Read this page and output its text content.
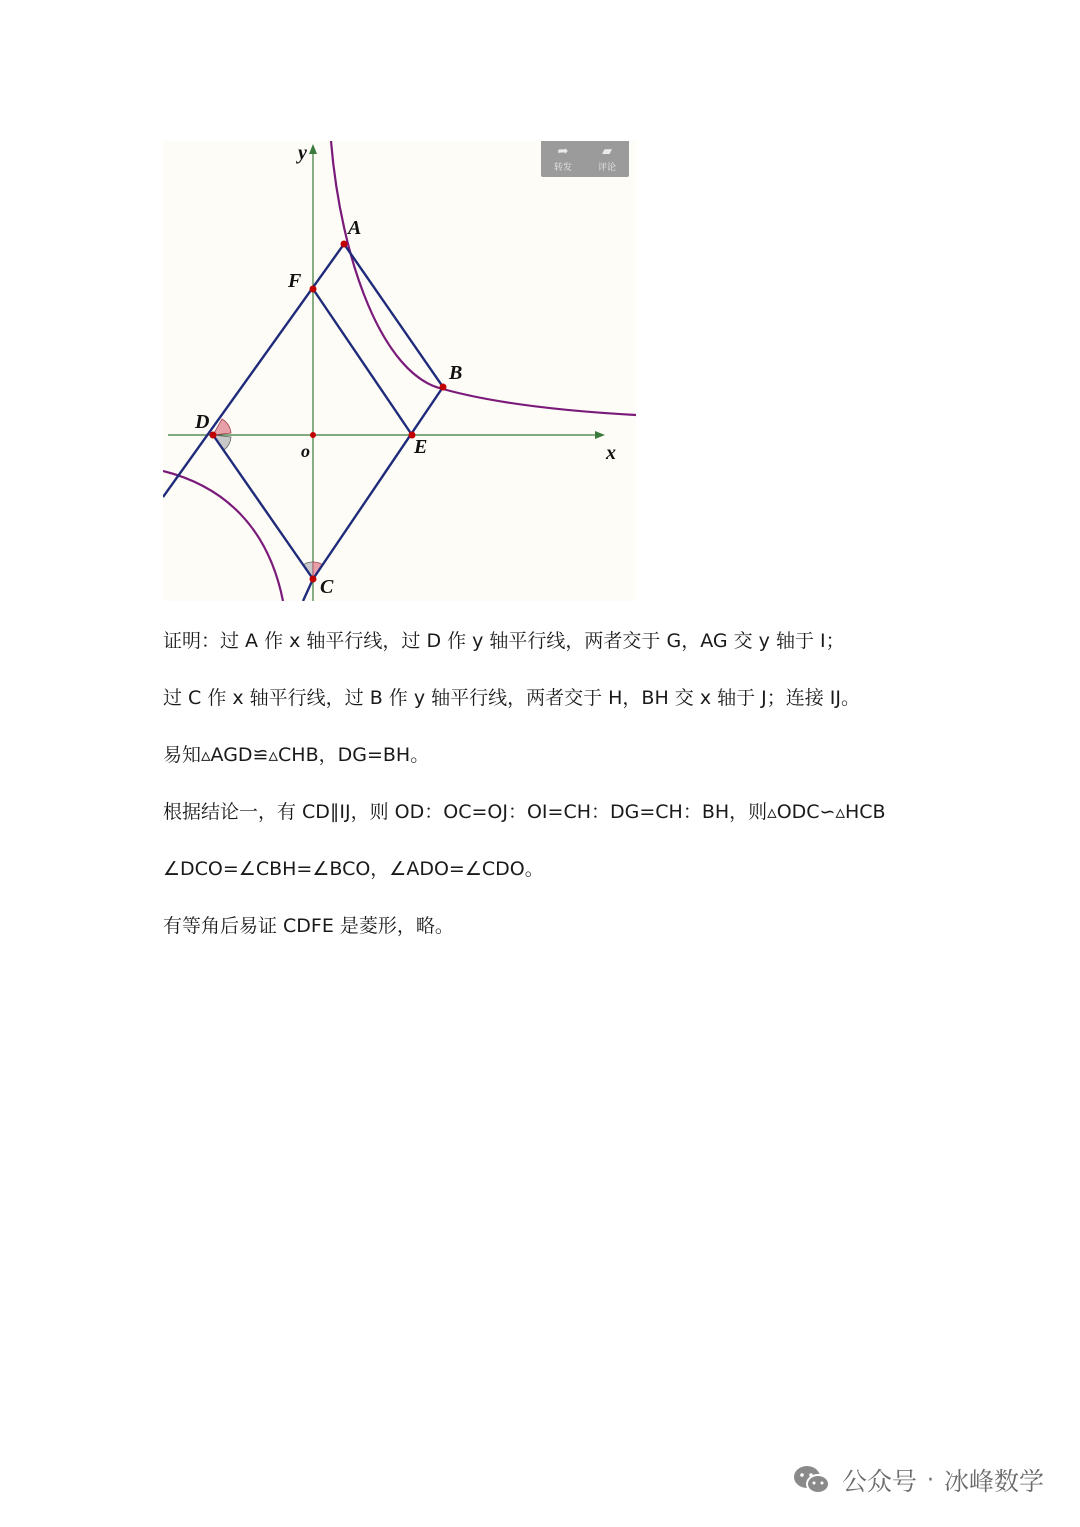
A
B
C
D
E
F
o	x
y	➦
转发
▰
评论
证明：过 A 作 x 轴平行线，过 D 作 y 轴平行线，两者交于 G，AG 交 y 轴于 I；
过 C 作 x 轴平行线，过 B 作 y 轴平行线，两者交于 H，BH 交 x 轴于 J；连接 IJ。
易知▵AGD≌▵CHB，DG=BH。
根据结论一，有 CD∥IJ，则 OD：OC=OJ：OI=CH：DG=CH：BH，则▵ODC∽▵HCB
∠DCO=∠CBH=∠BCO，∠ADO=∠CDO。
有等角后易证 CDFE 是菱形，略。
公众号 · 冰峰数学
